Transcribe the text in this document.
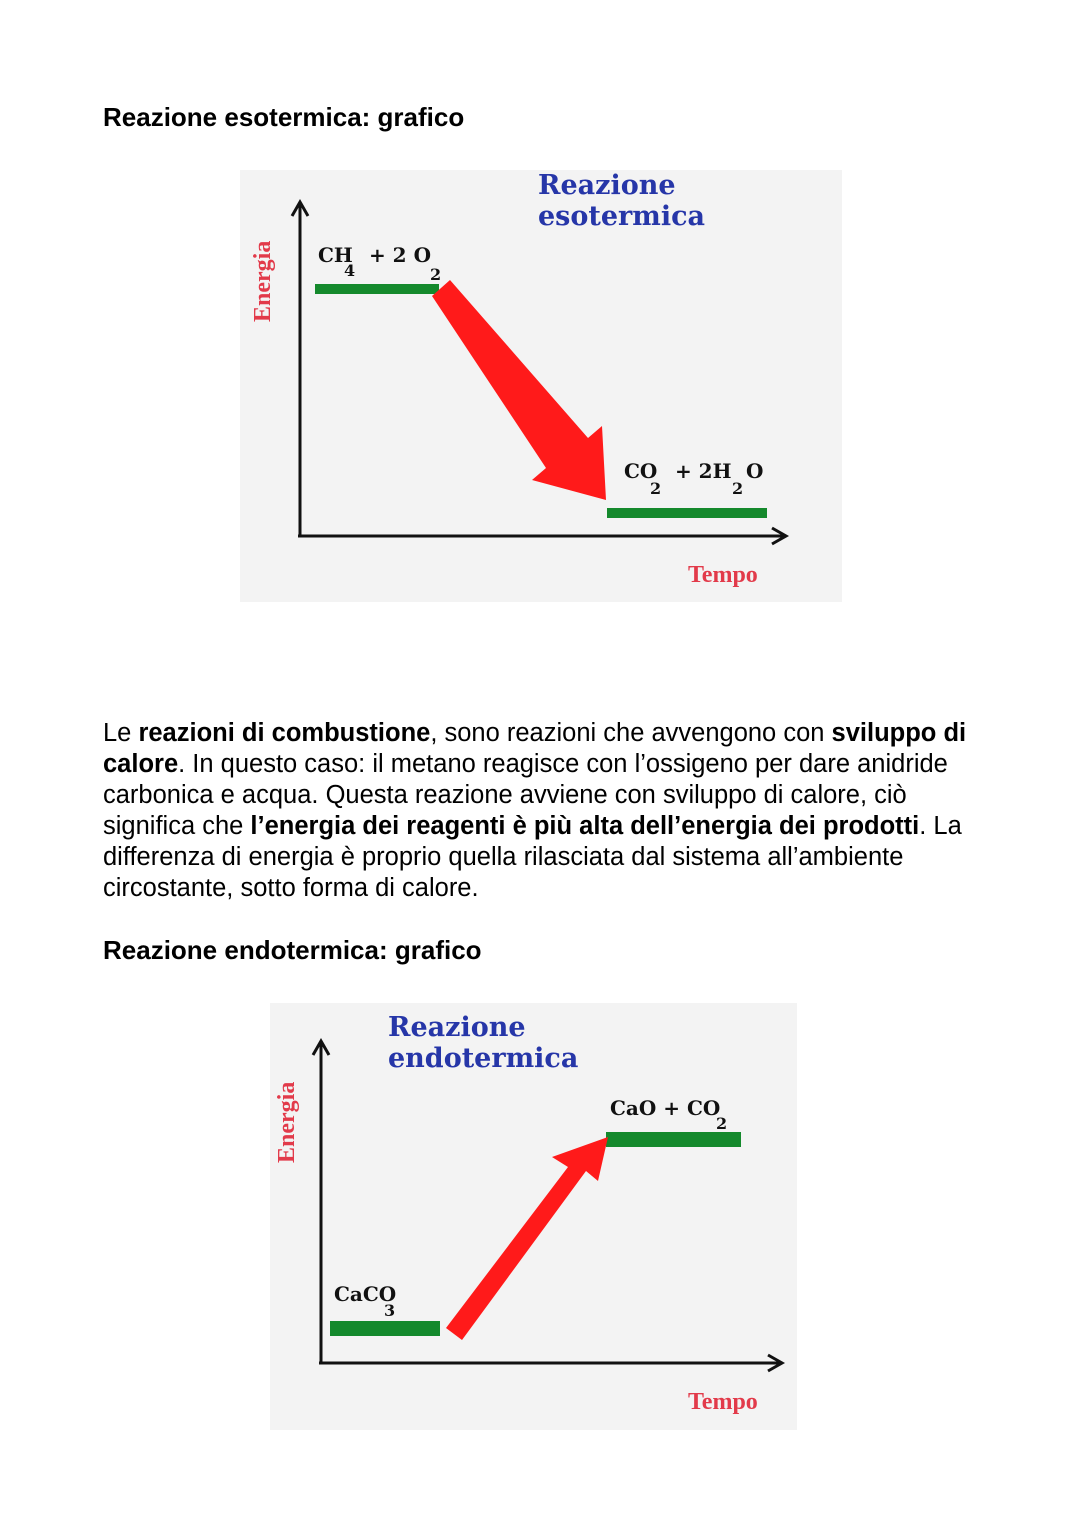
Reazione esotermica: grafico
Reazione
esotermica
Energia
Tempo
CH 4 + 2 O2
CO 2 + 2H2O

Le reazioni di combustione, sono reazioni che avvengono con sviluppo di calore. In questo caso: il metano reagisce con l’ossigeno per dare anidride carbonica e acqua. Questa reazione avviene con sviluppo di calore, ciò significa che l’energia dei reagenti è più alta dell’energia dei prodotti. La differenza di energia è proprio quella rilasciata dal sistema all’ambiente circostante, sotto forma di calore.

Reazione endotermica: grafico
Reazione
endotermica
Energia
Tempo
CaCO 3
CaO + CO 2
